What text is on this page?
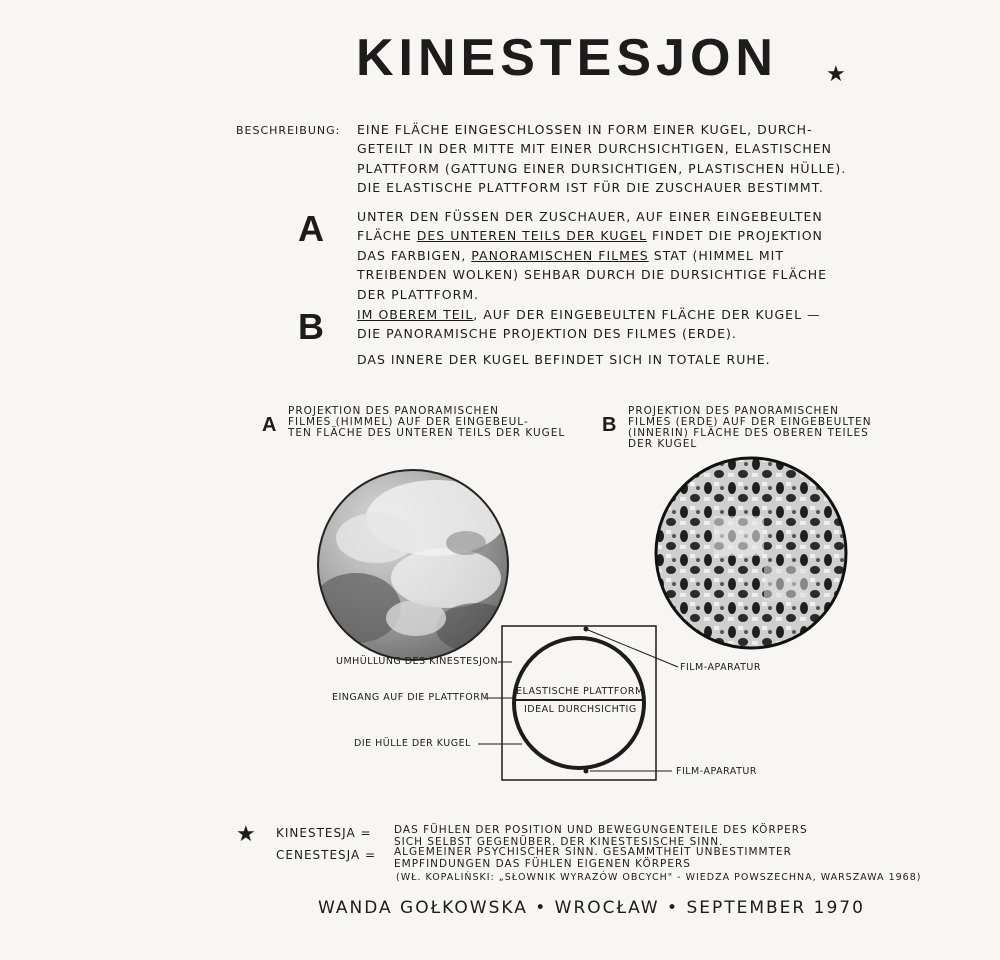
KINESTESJON ★
BESCHREIBUNG: EINE FLÄCHE EINGESCHLOSSEN IN FORM EINER KUGEL, DURCH-
GETEILT IN DER MITTE MIT EINER DURCHSICHTIGEN, ELASTISCHEN
PLATTFORM (GATTUNG EINER DURSICHTIGEN, PLASTISCHEN HÜLLE).
DIE ELASTISCHE PLATTFORM IST FÜR DIE ZUSCHAUER BESTIMMT.
A	UNTER DEN FÜSSEN DER ZUSCHAUER, AUF EINER EINGEBEULTEN
FLÄCHE DES UNTEREN TEILS DER KUGEL FINDET DIE PROJEKTION
DAS FARBIGEN, PANORAMISCHEN FILMES STAT (HIMMEL MIT
TREIBENDEN WOLKEN) SEHBAR DURCH DIE DURSICHTIGE FLÄCHE
DER PLATTFORM.
B	IM OBEREM TEIL, AUF DER EINGEBEULTEN FLÄCHE DER KUGEL —
DIE PANORAMISCHE PROJEKTION DES FILMES (ERDE).
DAS INNERE DER KUGEL BEFINDET SICH IN TOTALE RUHE.
A
PROJEKTION DES PANORAMISCHEN
FILMES (HIMMEL) AUF DER EINGEBEUL-
TEN FLÄCHE DES UNTEREN TEILS DER KUGEL	B
PROJEKTION DES PANORAMISCHEN
FILMES (ERDE) AUF DER EINGEBEULTEN
(INNERIN) FLÄCHE DES OBEREN TEILES
DER KUGEL
UMHÜLLUNG DES KINESTESJON
EINGANG AUF DIE PLATTFORM
DIE HÜLLE DER KUGEL
ELASTISCHE PLATTFORM
IDEAL DURCHSICHTIG
FILM-APARATUR
FILM-APARATUR
★ KINESTESJA = DAS FÜHLEN DER POSITION UND BEWEGUNGENTEILE DES KÖRPERS
SICH SELBST GEGENÜBER. DER KINESTESISCHE SINN.
CENESTESJA = ALGEMEINER PSYCHISCHER SINN. GESAMMTHEIT UNBESTIMMTER
EMPFINDUNGEN DAS FÜHLEN EIGENEN KÖRPERS
(WŁ. KOPALIŃSKI: „SŁOWNIK WYRAZÓW OBCYCH" - WIEDZA POWSZECHNA, WARSZAWA 1968)
WANDA GOŁKOWSKA • WROCŁAW • SEPTEMBER 1970
